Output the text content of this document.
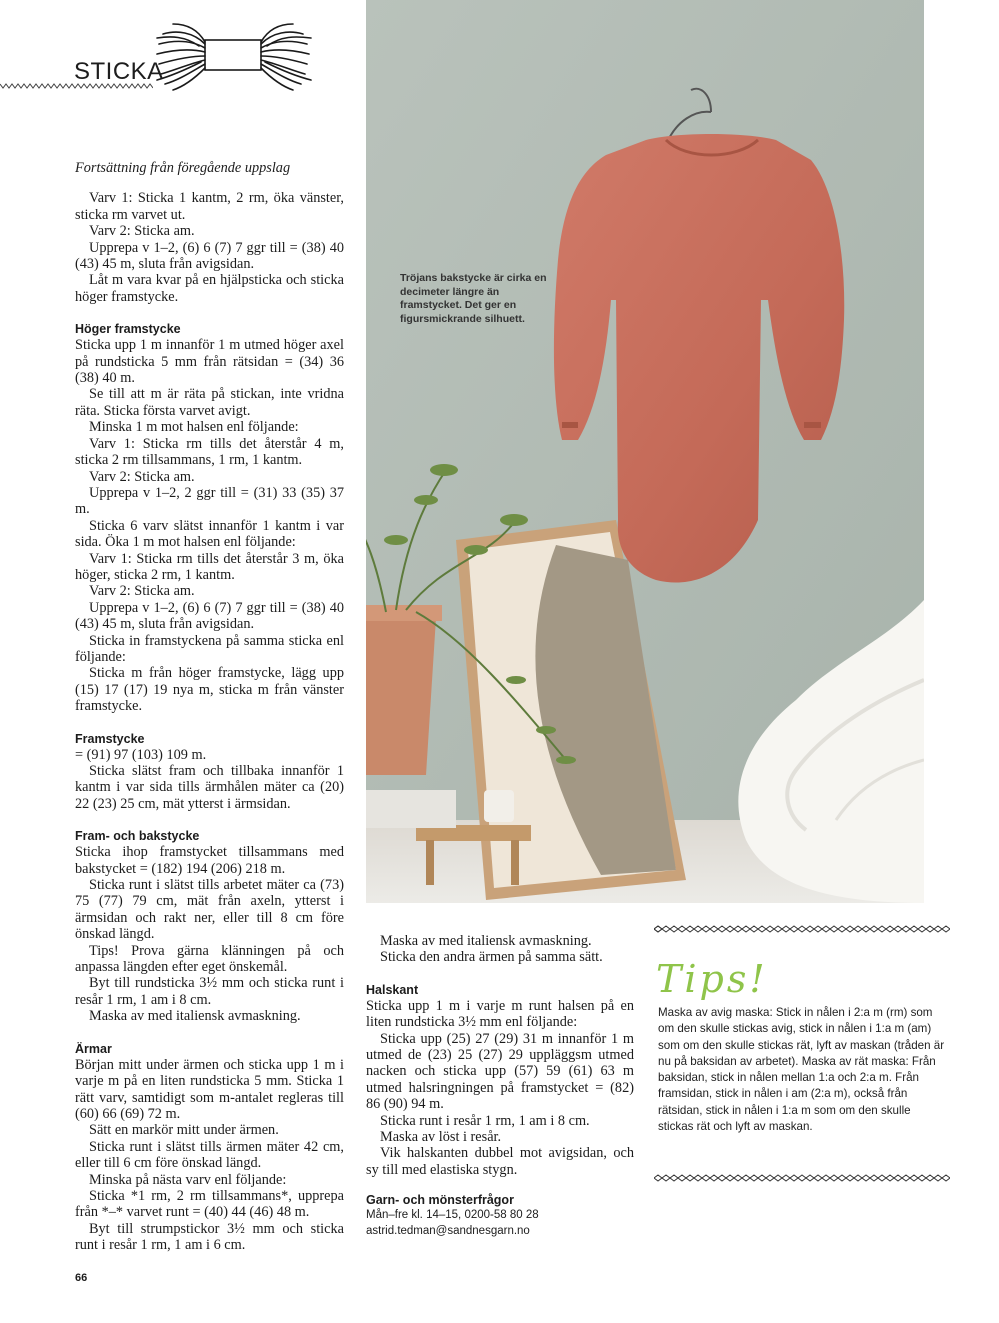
STICKA

Fortsättning från föregående uppslag

Varv 1: Sticka 1 kantm, 2 rm, öka vänster, sticka rm varvet ut.

Varv 2: Sticka am.

Upprepa v 1–2, (6) 6 (7) 7 ggr till = (38) 40 (43) 45 m, sluta från avigsidan.

Låt m vara kvar på en hjälpsticka och sticka höger framstycke.

Höger framstycke

Sticka upp 1 m innanför 1 m utmed höger axel på rundsticka 5 mm från rätsidan = (34) 36 (38) 40 m.

Se till att m är räta på stickan, inte vridna räta. Sticka första varvet avigt.

Minska 1 m mot halsen enl följande:

Varv 1: Sticka rm tills det återstår 4 m, sticka 2 rm tillsammans, 1 rm, 1 kantm.

Varv 2: Sticka am.

Upprepa v 1–2, 2 ggr till = (31) 33 (35) 37 m.

Sticka 6 varv slätst innanför 1 kantm i var sida. Öka 1 m mot halsen enl följande:

Varv 1: Sticka rm tills det återstår 3 m, öka höger, sticka 2 rm, 1 kantm.

Varv 2: Sticka am.

Upprepa v 1–2, (6) 6 (7) 7 ggr till = (38) 40 (43) 45 m, sluta från avigsidan.

Sticka in framstyckena på samma sticka enl följande:

Sticka m från höger framstycke, lägg upp (15) 17 (17) 19 nya m, sticka m från vänster framstycke.

Framstycke

= (91) 97 (103) 109 m.

Sticka slätst fram och tillbaka innanför 1 kantm i var sida tills ärmhålen mäter ca (20) 22 (23) 25 cm, mät ytterst i ärmsidan.

Fram- och bakstycke

Sticka ihop framstycket tillsammans med bakstycket = (182) 194 (206) 218 m.

Sticka runt i slätst tills arbetet mäter ca (73) 75 (77) 79 cm, mät från axeln, ytterst i ärmsidan och rakt ner, eller till 8 cm före önskad längd.

Tips! Prova gärna klänningen på och anpassa längden efter eget önskemål.

Byt till rundsticka 3½ mm och sticka runt i resår 1 rm, 1 am i 8 cm.

Maska av med italiensk avmaskning.

Ärmar

Början mitt under ärmen och sticka upp 1 m i varje m på en liten rundsticka 5 mm. Sticka 1 rätt varv, samtidigt som m-antalet regleras till (60) 66 (69) 72 m.

Sätt en markör mitt under ärmen.

Sticka runt i slätst tills ärmen mäter 42 cm, eller till 6 cm före önskad längd.

Minska på nästa varv enl följande:

Sticka *1 rm, 2 rm tillsammans*, upprepa från *–* varvet runt = (40) 44 (46) 48 m.

Byt till strumpstickor 3½ mm och sticka runt i resår 1 rm, 1 am i 6 cm.

Tröjans bakstycke är cirka en decimeter längre än framstycket. Det ger en figursmickrande silhuett.

Maska av med italiensk avmaskning.

Sticka den andra ärmen på samma sätt.

Halskant

Sticka upp 1 m i varje m runt halsen på en liten rundsticka 3½ mm enl följande:

Sticka upp (25) 27 (29) 31 m innanför 1 m utmed de (23) 25 (27) 29 uppläggsm utmed nacken och sticka upp (57) 59 (61) 63 m utmed halsringningen på framstycket = (82) 86 (90) 94 m.

Sticka runt i resår 1 rm, 1 am i 8 cm.

Maska av löst i resår.

Vik halskanten dubbel mot avigsidan, och sy till med elastiska stygn.

Garn- och mönsterfrågor
Mån–fre kl. 14–15, 0200-58 80 28
astrid.tedman@sandnesgarn.no
Tips!
Maska av avig maska: Stick in nålen i 2:a m (rm) som om den skulle stickas avig, stick in nålen i 1:a m (am) som om den skulle stickas rät, lyft av maskan (tråden är nu på baksidan av arbetet). Maska av rät maska: Från baksidan, stick in nålen mellan 1:a och 2:a m. Från framsidan, stick in nålen i am (2:a m), också från rätsidan, stick in nålen i 1:a m som om den skulle stickas rät och lyft av maskan.
66
